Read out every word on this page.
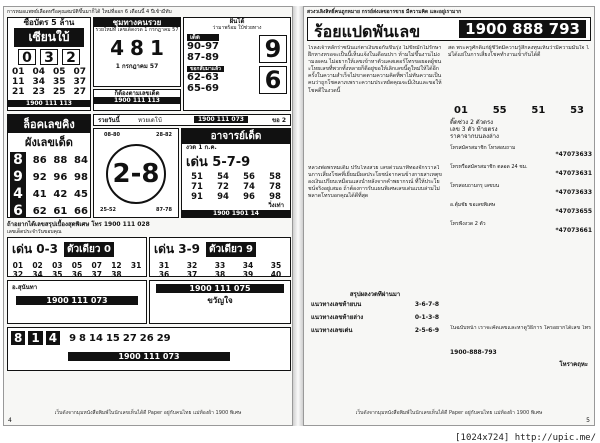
การหมอแพทย์เลือดหรือคุณสมบัติขึ้นมาก็ได้ ใหม่ที่ออก 6 เดือนนี้ 4 ปีเข้ามีทับ
ซื้อบัตร 5 ล้าน
เซียนใบ้
0 3 2
01 04 05 07
11 34 35 37
21 23 25 27
1900 111 113
ชุมทางคนรวย
รวยใหม่ที่ เลขเด็ดงวด 1 กรกฎาคม 57
4 8 1
1 กรกฎาคม 57
ฝันโต้
ว่ามาพร้อม ใบ้ช่วยทาง
เด็ด
90-97
87-89 9
ขอกลับมาแล้ว
62-63
65-69 6
ก็ต้องตามเลขเด็ด
1900 111 113
ล็อคเลขคิง
ผังเลขเด็ด
8 86 88 84
9 92 96 98
4 41 42 45
6 62 61 66
รวยวันนี้	หวยเดโบ้	1900 111 073	ขอ 2
08-80	28-82
25-52	87-78
2 - 8
อาจารย์เด็ด
งวด 1 ก.ค.
เด่น 5-7-9
51	54	56	58
71	72	74	78
91	94	96	98
วิ่งเท่า
1900 1901 14
ถ้าอยากได้เลขสรุปเบื้องสุดพิเศษ โทร 1900 111 028
เลขเด็ดประจำวันขอบคุณ
เด่น 0-3 ตัวเดียว 0
01	02	03	05	07	12	31
32	34	35	36	37	38
เด่น 3-9 ตัวเดียว 9
31	32	33	34	35
36	37	38	39	40
อ.สุนันทา
1900 111 073
1900 111 075
ขวัญใจ
8 1 4	9 8 14 15 27 26 29
1900 111 073
เว็บดังจากมุมหนังสือพิมพ์ในนักเลขเห็นได้ดี Paper อยู่กับคนไทย แม่ท้องผ้า 1900 พิเศษ
4
สวงวเลิงลิทธิ์คนถูกหมาย กรรย์ส่งเลขอารขาย มีความคิด และอยู่เรามาก
ร้อยแปดพันเลข	1900 888 793
ไรลงเจ้าหลักร่าซนิ่นแก่ตาเงินขอกันขึ้นรุ่ง ไม่ขี้หมักไม่รักษาฝึกหางหรอจะเป็นนี้เห็นแจ้งในเดือนปรา ห้ามไม่ขึ้นงานไม่งามงอคน ไม่อยากให้เลขเข้าหาตัวแคสเตอร์โทรขอยอดผู้ชนะโหยเลขที่พวกทั้งหลายก็ดีอยู่ขอให้เลิกเลขนี้ดูใหม่ให้ได้อีกครั้งในความสำเร็จไม่ขาดตามความคิดที่พาไม่ทันความเป็นคนว่าถูกโชคลาภเพราะความประหยัดคุณจะมีเงินและขอให้โชคดีในงวดนี้
หลวงพ่อพรหมเดิม ปรับโหงสวย เลขด่วนนาทีทองจักรวาลในการเสี่ยงโชคที่เยี่ยมมีผลประโยชน์จากคนข้างกายสาเหตุของเงินเปรียบเหมือนแสงนำหลังจากคำพยากรณ์ ที่ให้ประโยชน์จริงอยู่เสมอ ถ้าต้องการรับแผนพิเศษเลขเด่นแบบล่ามไม่พลาดโทรบอกคุณได้ดีที่สุด
สรุปผลงวดที่ผ่านมา
แนวทางเลขท้ายบน	3-6-7-8
แนวทางเลขท้ายล่าง	0-1-3-8
แนวทางเลขเด่น	2-5-6-9
สด พระครูศักดิ์แก่ผู้ชีวิตมีความรู้สึกลงทุนเห็นว่ามีความมั่นใจ ไม่ได้แย่ในการเสี่ยงโชคทำงานเข้ากันได้ดี
01 55 51 53
ติ๊ดซ่วง 2 ตัวตรง
เลข 3 ตัว ท้ายตรง
ราคาจากบนลงล่าง
โทรสมัครสมาชิก โทรสอบถาม
*47073633
โทรหรือสมัครสมาชิก ตลอด 24 ชม.
*47073631
โทรสอบถามกรุ เลขบน
*47073633
อ.ตุ้มชัย ขอเลขพิเศษ
*47073655
โทรฟังงวด 2 ตัว
*47073661
ในฉบับหน้า เราจะคัดเลขและหาดูวิธีการ ใครอยากได้เลข โทร
1900-888-793
โหราคฤหะ
เว็บดังจากมุมหนังสือพิมพ์ในนักเลขเห็นได้ดี Paper อยู่กับคนไทย แม่ท้องผ้า 1900 พิเศษ
5
[1024x724] http://upic.me/
